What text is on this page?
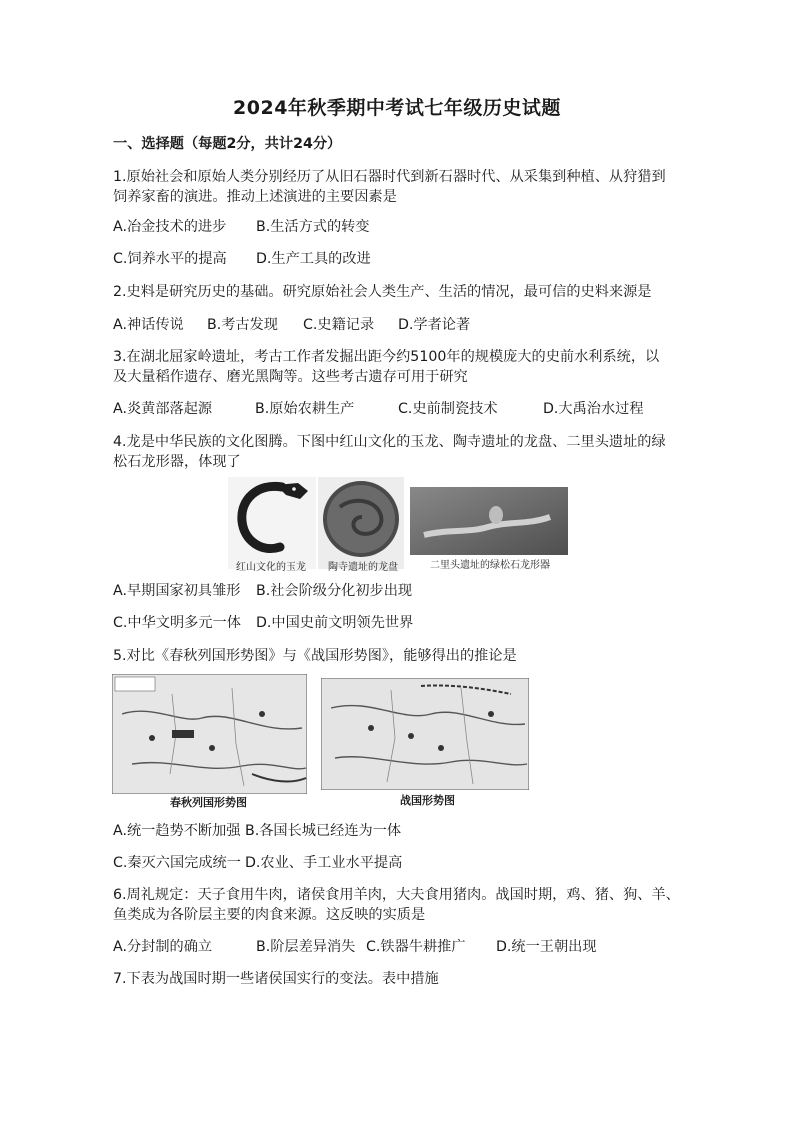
2024年秋季期中考试七年级历史试题
一、选择题（每题2分，共计24分）
1.原始社会和原始人类分别经历了从旧石器时代到新石器时代、从采集到种植、从狩猎到
饲养家畜的演进。推动上述演进的主要因素是
A.冶金技术的进步 B.生活方式的转变
C.饲养水平的提高 D.生产工具的改进
2.史料是研究历史的基础。研究原始社会人类生产、生活的情况，最可信的史料来源是
A.神话传说 B.考古发现 C.史籍记录 D.学者论著
3.在湖北屈家岭遗址，考古工作者发掘出距今约5100年的规模庞大的史前水利系统，以
及大量稻作遗存、磨光黑陶等。这些考古遗存可用于研究
A.炎黄部落起源	B.原始农耕生产	C.史前制瓷技术	D.大禹治水过程
4.龙是中华民族的文化图腾。下图中红山文化的玉龙、陶寺遗址的龙盘、二里头遗址的绿
松石龙形器，体现了
红山文化的玉龙 陶寺遗址的龙盘	二里头遗址的绿松石龙形器
A.早期国家初具雏形 B.社会阶级分化初步出现
C.中华文明多元一体 D.中国史前文明领先世界
5.对比《春秋列国形势图》与《战国形势图》，能够得出的推论是
春秋列国形势图	战国形势图
A.统一趋势不断加强 B.各国长城已经连为一体
C.秦灭六国完成统一 D.农业、手工业水平提高
6.周礼规定：天子食用牛肉，诸侯食用羊肉，大夫食用猪肉。战国时期，鸡、猪、狗、羊、
鱼类成为各阶层主要的肉食来源。这反映的实质是
A.分封制的确立	B.阶层差异消失 C.铁器牛耕推广 D.统一王朝出现
7.下表为战国时期一些诸侯国实行的变法。表中措施
